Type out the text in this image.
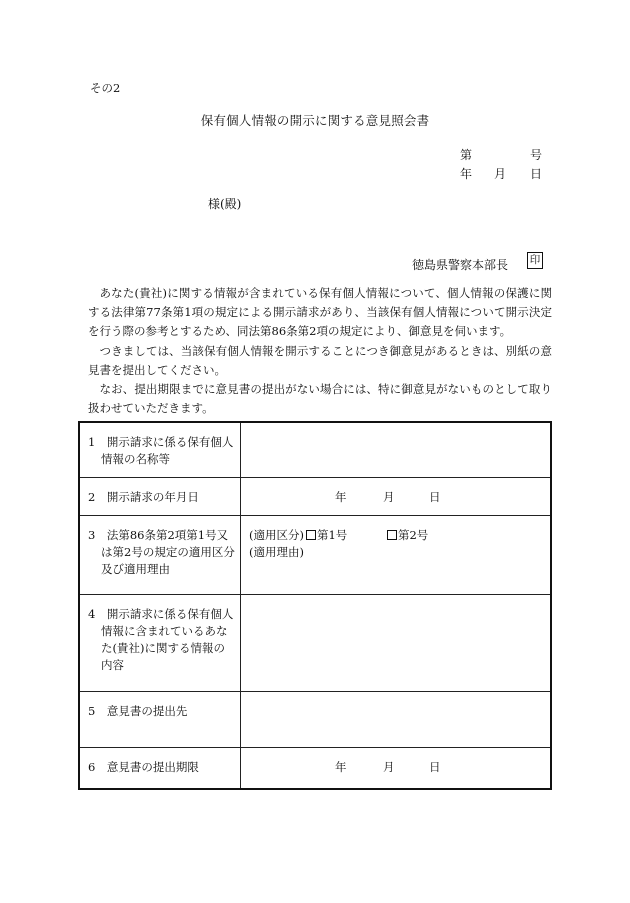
その2
保有個人情報の開示に関する意見照会書
第	号
年 月 日
様(殿)
徳島県警察本部長 印

あなた(貴社)に関する情報が含まれている保有個人情報について、個人情報の保護に関する法律第77条第1項の規定による開示請求があり、当該保有個人情報について開示決定を行う際の参考とするため、同法第86条第2項の規定により、御意見を伺います。

つきましては、当該保有個人情報を開示することにつき御意見があるときは、別紙の意見書を提出してください。

なお、提出期限までに意見書の提出がない場合には、特に御意見がないものとして取り扱わせていただきます。

1　開示請求に係る保有個人情報の名称等	

2　開示請求の年月日	年 月 日

3　法第86条第2項第1号又は第2号の規定の適用区分及び適用理由	(適用区分) 第1号 第2号
(適用理由)

4　開示請求に係る保有個人情報に含まれているあなた(貴社)に関する情報の内容	

5　意見書の提出先	

6　意見書の提出期限	年 月 日
